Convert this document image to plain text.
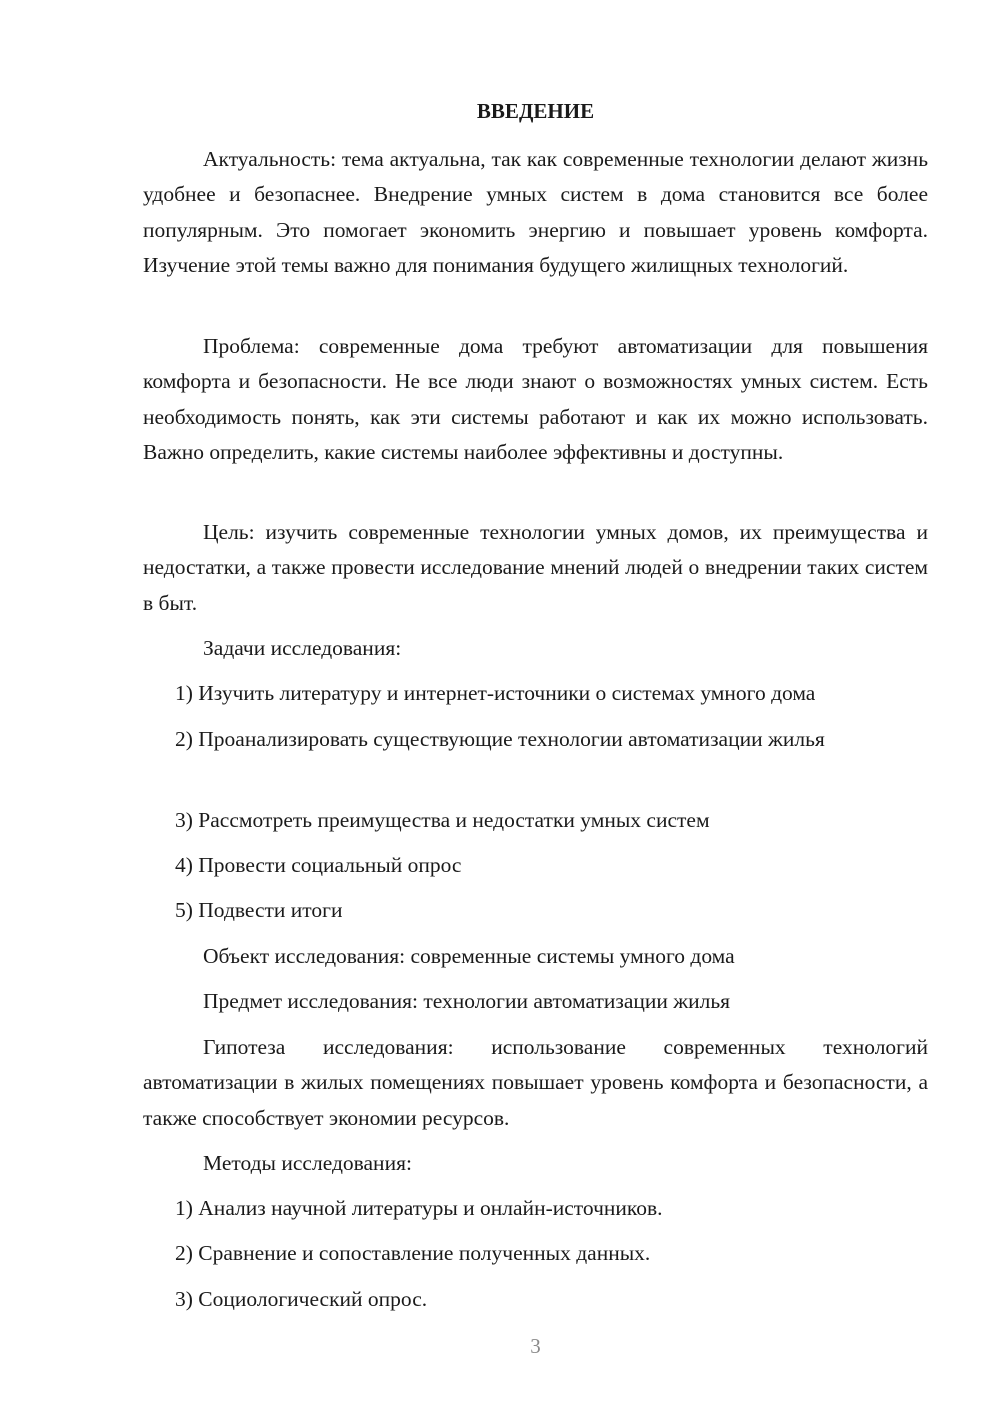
ВВЕДЕНИЕ

Актуальность: тема актуальна, так как современные технологии делают жизнь удобнее и безопаснее. Внедрение умных систем в дома становится все более популярным. Это помогает экономить энергию и повышает уровень комфорта. Изучение этой темы важно для понимания будущего жилищных технологий.

Проблема: современные дома требуют автоматизации для повышения комфорта и безопасности. Не все люди знают о возможностях умных систем. Есть необходимость понять, как эти системы работают и как их можно использовать. Важно определить, какие системы наиболее эффективны и доступны.

Цель: изучить современные технологии умных домов, их преимущества и недостатки, а также провести исследование мнений людей о внедрении таких систем в быт.

Задачи исследования:

1) Изучить литературу и интернет-источники о системах умного дома

2) Проанализировать существующие технологии автоматизации жилья

3) Рассмотреть преимущества и недостатки умных систем

4) Провести социальный опрос

5) Подвести итоги

Объект исследования: современные системы умного дома

Предмет исследования: технологии автоматизации жилья

Гипотеза исследования: использование современных технологий автоматизации в жилых помещениях повышает уровень комфорта и безопасности, а также способствует экономии ресурсов.

Методы исследования:

1) Анализ научной литературы и онлайн-источников.

2) Сравнение и сопоставление полученных данных.

3) Социологический опрос.

3
